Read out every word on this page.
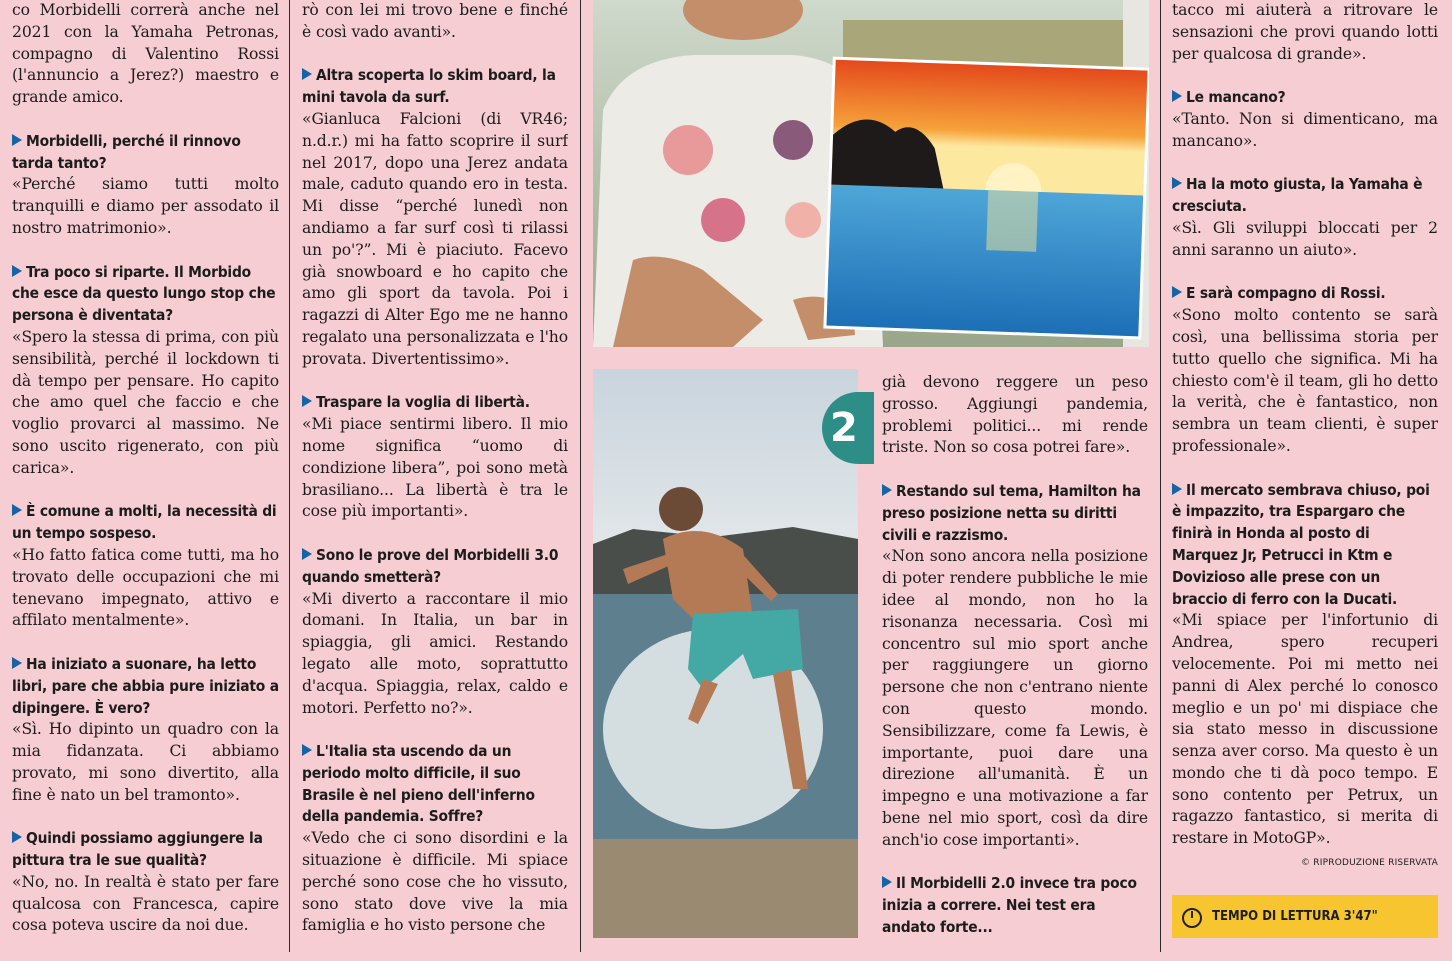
co Morbidelli correrà anche nel 2021 con la Yamaha Petronas, compagno di Valentino Rossi (l'annuncio a Jerez?) maestro e grande amico.

Morbidelli, perché il rinnovo tarda tanto?

«Perché siamo tutti molto tranquilli e diamo per assodato il nostro matrimonio».

Tra poco si riparte. Il Morbido che esce da questo lungo stop che persona è diventata?

«Spero la stessa di prima, con più sensibilità, perché il lockdown ti dà tempo per pensare. Ho capito che amo quel che faccio e che voglio provarci al massimo. Ne sono uscito rigenerato, con più carica».

È comune a molti, la necessità di un tempo sospeso.

«Ho fatto fatica come tutti, ma ho trovato delle occupazioni che mi tenevano impegnato, attivo e affilato mentalmente».

Ha iniziato a suonare, ha letto libri, pare che abbia pure iniziato a dipingere. È vero?

«Sì. Ho dipinto un quadro con la mia fidanzata. Ci abbiamo provato, mi sono divertito, alla fine è nato un bel tramonto».

Quindi possiamo aggiungere la pittura tra le sue qualità?

«No, no. In realtà è stato per fare qualcosa con Francesca, capire cosa poteva uscire da noi due.

rò con lei mi trovo bene e finché è così vado avanti».

Altra scoperta lo skim board, la mini tavola da surf.

«Gianluca Falcioni (di VR46; n.d.r.) mi ha fatto scoprire il surf nel 2017, dopo una Jerez andata male, caduto quando ero in testa. Mi disse “perché lunedì non andiamo a far surf così ti rilassi un po'?”. Mi è piaciuto. Facevo già snowboard e ho capito che amo gli sport da tavola. Poi i ragazzi di Alter Ego me ne hanno regalato una personalizzata e l'ho provata. Divertentissimo».

Traspare la voglia di libertà.

«Mi piace sentirmi libero. Il mio nome significa “uomo di condizione libera”, poi sono metà brasiliano... La libertà è tra le cose più importanti».

Sono le prove del Morbidelli 3.0 quando smetterà?

«Mi diverto a raccontare il mio domani. In Italia, un bar in spiaggia, gli amici. Restando legato alle moto, soprattutto d'acqua. Spiaggia, relax, caldo e motori. Perfetto no?».

L'Italia sta uscendo da un periodo molto difficile, il suo Brasile è nel pieno dell'inferno della pandemia. Soffre?

«Vedo che ci sono disordini e la situazione è difficile. Mi spiace perché sono cose che ho vissuto, sono stato dove vive la mia famiglia e ho visto persone che

2

già devono reggere un peso grosso. Aggiungi pandemia, problemi politici... mi rende triste. Non so cosa potrei fare».

Restando sul tema, Hamilton ha preso posizione netta su diritti civili e razzismo.

«Non sono ancora nella posizione di poter rendere pubbliche le mie idee al mondo, non ho la risonanza necessaria. Così mi concentro sul mio sport anche per raggiungere un giorno persone che non c'entrano niente con questo mondo. Sensibilizzare, come fa Lewis, è importante, puoi dare una direzione all'umanità. È un impegno e una motivazione a far bene nel mio sport, così da dire anch'io cose importanti».

Il Morbidelli 2.0 invece tra poco inizia a correre. Nei test era andato forte...

tacco mi aiuterà a ritrovare le sensazioni che provi quando lotti per qualcosa di grande».

Le mancano?

«Tanto. Non si dimenticano, ma mancano».

Ha la moto giusta, la Yamaha è cresciuta.

«Sì. Gli sviluppi bloccati per 2 anni saranno un aiuto».

E sarà compagno di Rossi.

«Sono molto contento se sarà così, una bellissima storia per tutto quello che significa. Mi ha chiesto com'è il team, gli ho detto la verità, che è fantastico, non sembra un team clienti, è super professionale».

Il mercato sembrava chiuso, poi è impazzito, tra Espargaro che finirà in Honda al posto di Marquez Jr, Petrucci in Ktm e Dovizioso alle prese con un braccio di ferro con la Ducati.

«Mi spiace per l'infortunio di Andrea, spero recuperi velocemente. Poi mi metto nei panni di Alex perché lo conosco meglio e un po' mi dispiace che sia stato messo in discussione senza aver corso. Ma questo è un mondo che ti dà poco tempo. E sono contento per Petrux, un ragazzo fantastico, si merita di restare in MotoGP».

© RIPRODUZIONE RISERVATA

TEMPO DI LETTURA 3'47"
